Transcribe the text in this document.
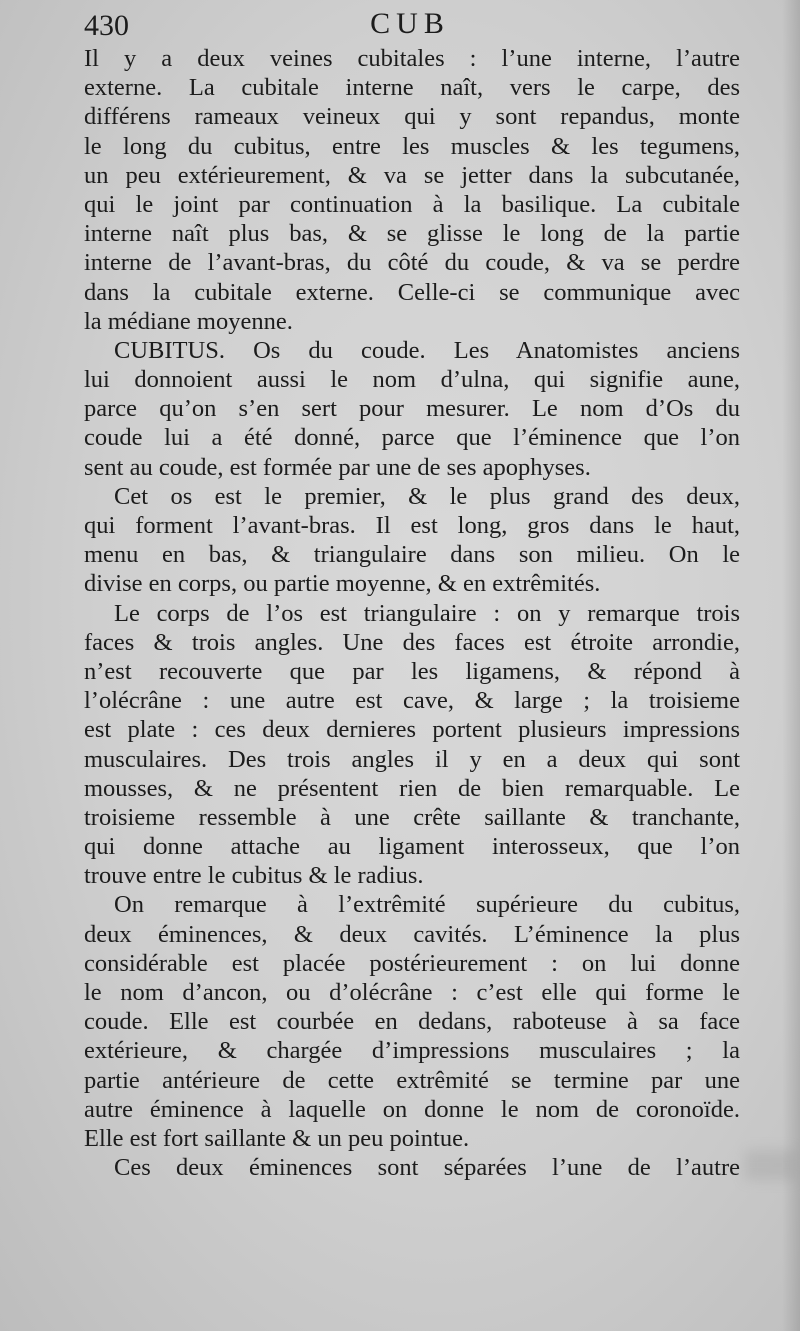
430	CUB
Il y a deux veines cubitales : l’une interne, l’autre
externe. La cubitale interne naît, vers le carpe, des
différens rameaux veineux qui y sont repandus, monte
le long du cubitus, entre les muscles & les tegumens,
un peu extérieurement, & va se jetter dans la subcutanée,
qui le joint par continuation à la basilique. La cubitale
interne naît plus bas, & se glisse le long de la partie
interne de l’avant-bras, du côté du coude, & va se perdre
dans la cubitale externe. Celle-ci se communique avec
la médiane moyenne.
CUBITUS. Os du coude. Les Anatomistes anciens
lui donnoient aussi le nom d’ulna, qui signifie aune,
parce qu’on s’en sert pour mesurer. Le nom d’Os du
coude lui a été donné, parce que l’éminence que l’on
sent au coude, est formée par une de ses apophyses.
Cet os est le premier, & le plus grand des deux,
qui forment l’avant-bras. Il est long, gros dans le haut,
menu en bas, & triangulaire dans son milieu. On le
divise en corps, ou partie moyenne, & en extrêmités.
Le corps de l’os est triangulaire : on y remarque trois
faces & trois angles. Une des faces est étroite arrondie,
n’est recouverte que par les ligamens, & répond à
l’olécrâne : une autre est cave, & large ; la troisieme
est plate : ces deux dernieres portent plusieurs impressions
musculaires. Des trois angles il y en a deux qui sont
mousses, & ne présentent rien de bien remarquable. Le
troisieme ressemble à une crête saillante & tranchante,
qui donne attache au ligament interosseux, que l’on
trouve entre le cubitus & le radius.
On remarque à l’extrêmité supérieure du cubitus,
deux éminences, & deux cavités. L’éminence la plus
considérable est placée postérieurement : on lui donne
le nom d’ancon, ou d’olécrâne : c’est elle qui forme le
coude. Elle est courbée en dedans, raboteuse à sa face
extérieure, & chargée d’impressions musculaires ; la
partie antérieure de cette extrêmité se termine par une
autre éminence à laquelle on donne le nom de coronoïde.
Elle est fort saillante & un peu pointue.
Ces deux éminences sont séparées l’une de l’autre
